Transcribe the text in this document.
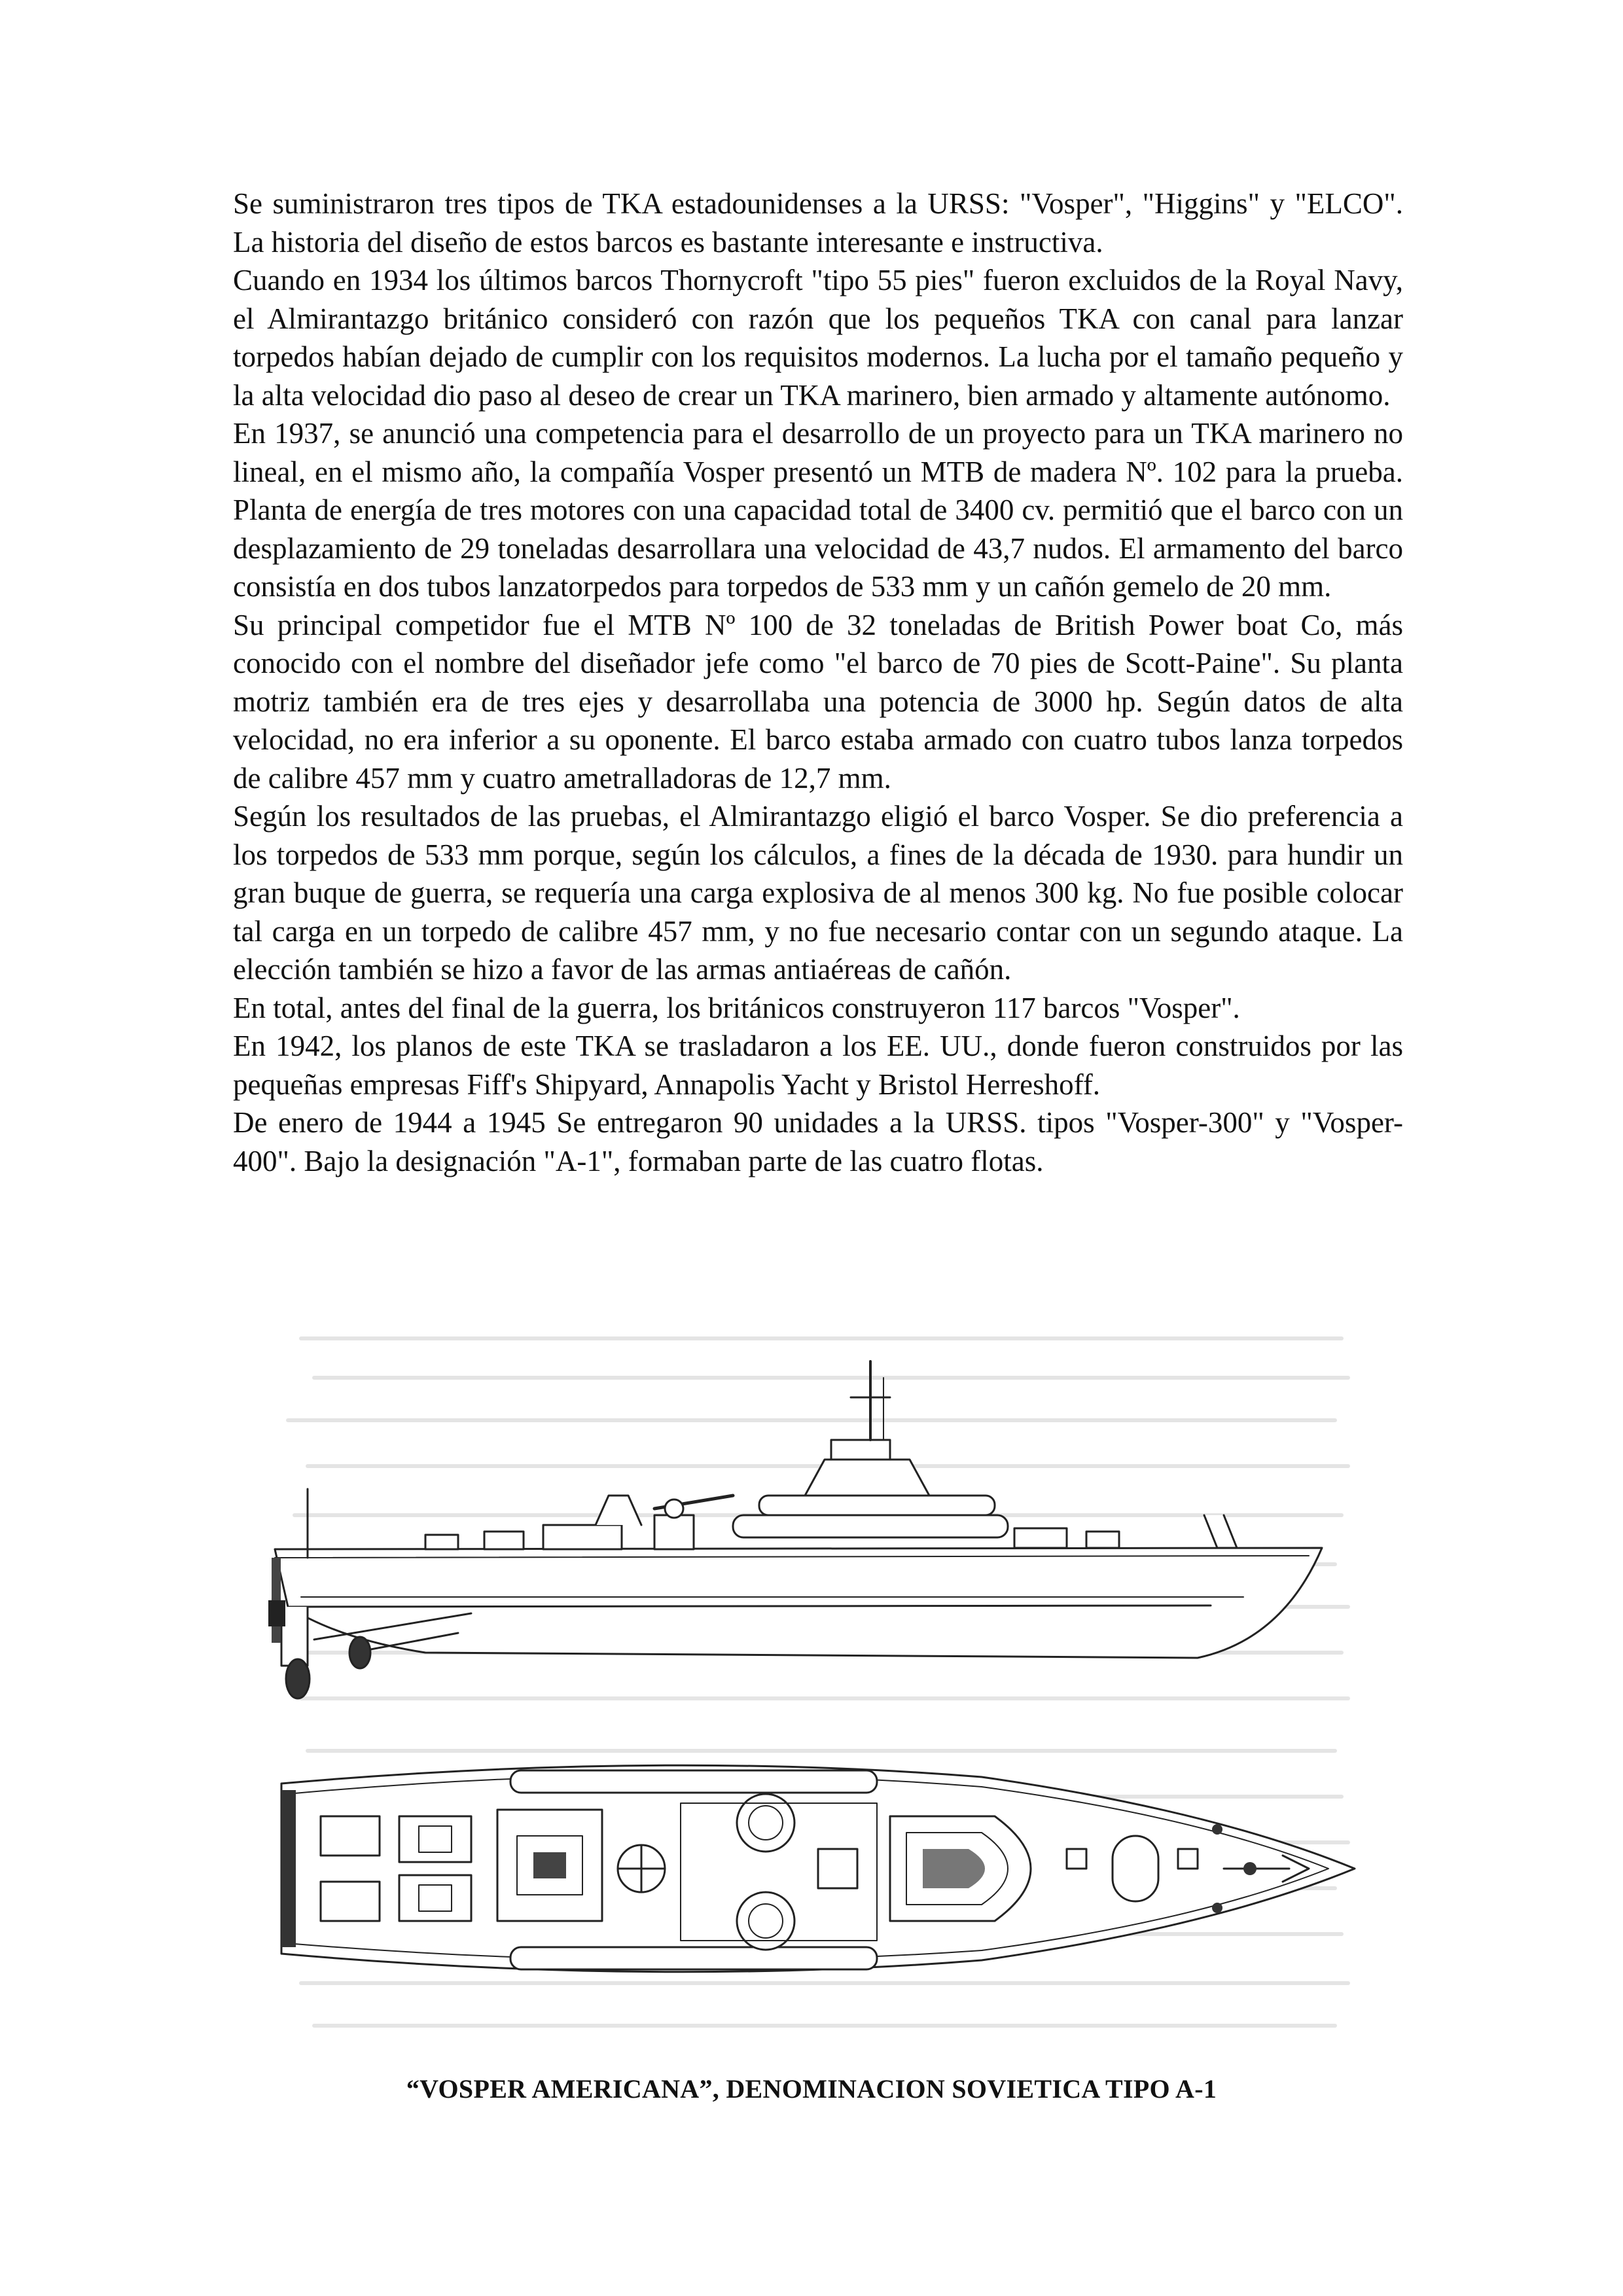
Se suministraron tres tipos de TKA estadounidenses a la URSS: "Vosper", "Higgins" y "ELCO". La historia del diseño de estos barcos es bastante interesante e instructiva.

Cuando en 1934 los últimos barcos Thornycroft "tipo 55 pies" fueron excluidos de la Royal Navy, el Almirantazgo británico consideró con razón que los pequeños TKA con canal para lanzar torpedos habían dejado de cumplir con los requisitos modernos. La lucha por el tamaño pequeño y la alta velocidad dio paso al deseo de crear un TKA marinero, bien armado y altamente autónomo.

En 1937, se anunció una competencia para el desarrollo de un proyecto para un TKA marinero no lineal, en el mismo año, la compañía Vosper presentó un MTB de madera Nº. 102 para la prueba. Planta de energía de tres motores con una capacidad total de 3400 cv. permitió que el barco con un desplazamiento de 29 toneladas desarrollara una velocidad de 43,7 nudos. El armamento del barco consistía en dos tubos lanzatorpedos para torpedos de 533 mm y un cañón gemelo de 20 mm.

Su principal competidor fue el MTB Nº 100 de 32 toneladas de British Power boat Co, más conocido con el nombre del diseñador jefe como "el barco de 70 pies de Scott-Paine". Su planta motriz también era de tres ejes y desarrollaba una potencia de 3000 hp. Según datos de alta velocidad, no era inferior a su oponente. El barco estaba armado con cuatro tubos lanza torpedos de calibre 457 mm y cuatro ametralladoras de 12,7 mm.

Según los resultados de las pruebas, el Almirantazgo eligió el barco Vosper. Se dio preferencia a los torpedos de 533 mm porque, según los cálculos, a fines de la década de 1930. para hundir un gran buque de guerra, se requería una carga explosiva de al menos 300 kg. No fue posible colocar tal carga en un torpedo de calibre 457 mm, y no fue necesario contar con un segundo ataque. La elección también se hizo a favor de las armas antiaéreas de cañón.

En total, antes del final de la guerra, los británicos construyeron 117 barcos "Vosper".

En 1942, los planos de este TKA se trasladaron a los EE. UU., donde fueron construidos por las pequeñas empresas Fiff's Shipyard, Annapolis Yacht y Bristol Herreshoff.

De enero de 1944 a 1945 Se entregaron 90 unidades a la URSS. tipos "Vosper-300" y "Vosper-400". Bajo la designación "A-1", formaban parte de las cuatro flotas.

“VOSPER AMERICANA”, DENOMINACION SOVIETICA TIPO A-1
